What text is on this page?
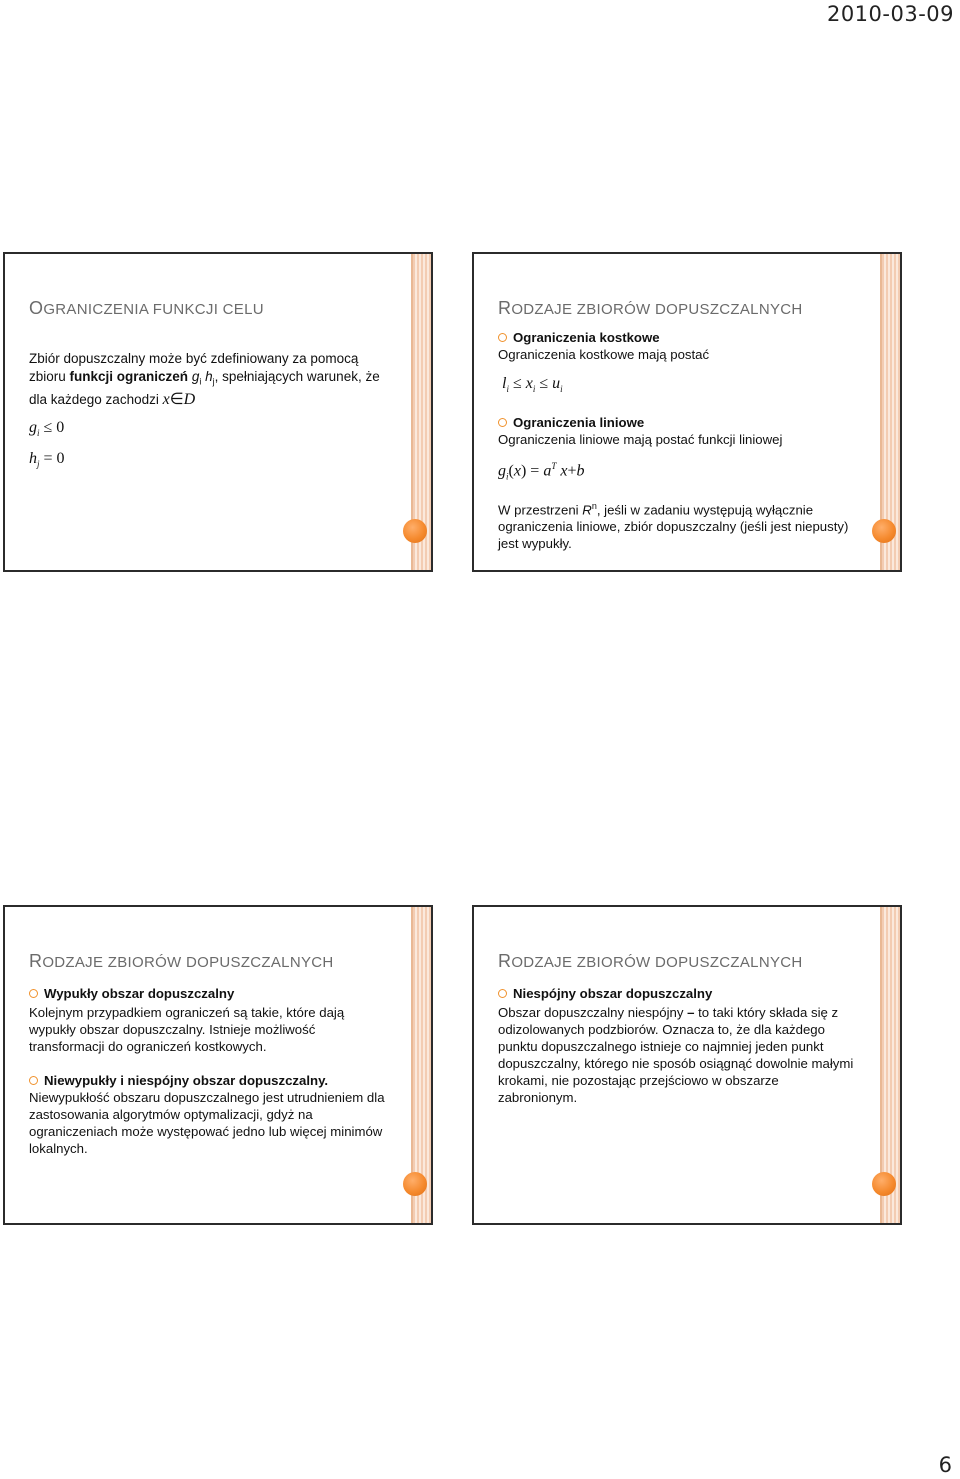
2010-03-09
OGRANICZENIA FUNKCJI CELU

Zbiór dopuszczalny może być zdefiniowany za pomocą zbioru funkcji ograniczeń $g_i$ $h_j$, spełniających warunek, że dla każdego zachodzi x∈D

$g_i \le 0$
$h_j = 0$
RODZAJE ZBIORÓW DOPUSZCZALNYCH
Ograniczenia kostkowe

Ograniczenia kostkowe mają postać

$l_i \le x_i \le u_i$
Ograniczenia liniowe

Ograniczenia liniowe mają postać funkcji liniowej

$g_i(x) = a^T$ x+b

W przestrzeni $R^n$, jeśli w zadaniu występują wyłącznie ograniczenia liniowe, zbiór dopuszczalny (jeśli jest niepusty) jest wypukły.

RODZAJE ZBIORÓW DOPUSZCZALNYCH
Wypukły obszar dopuszczalny

Kolejnym przypadkiem ograniczeń są takie, które dają wypukły obszar dopuszczalny. Istnieje możliwość transformacji do ograniczeń kostkowych.

Niewypukły i niespójny obszar dopuszczalny.

Niewypukłość obszaru dopuszczalnego jest utrudnieniem dla zastosowania algorytmów optymalizacji, gdyż na ograniczeniach może występować jedno lub więcej minimów lokalnych.

RODZAJE ZBIORÓW DOPUSZCZALNYCH
Niespójny obszar dopuszczalny

Obszar dopuszczalny niespójny – to taki który składa się z odizolowanych podzbiorów. Oznacza to, że dla każdego punktu dopuszczalnego istnieje co najmniej jeden punkt dopuszczalny, którego nie sposób osiągnąć dowolnie małymi krokami, nie pozostając przejściowo w obszarze zabronionym.

6
